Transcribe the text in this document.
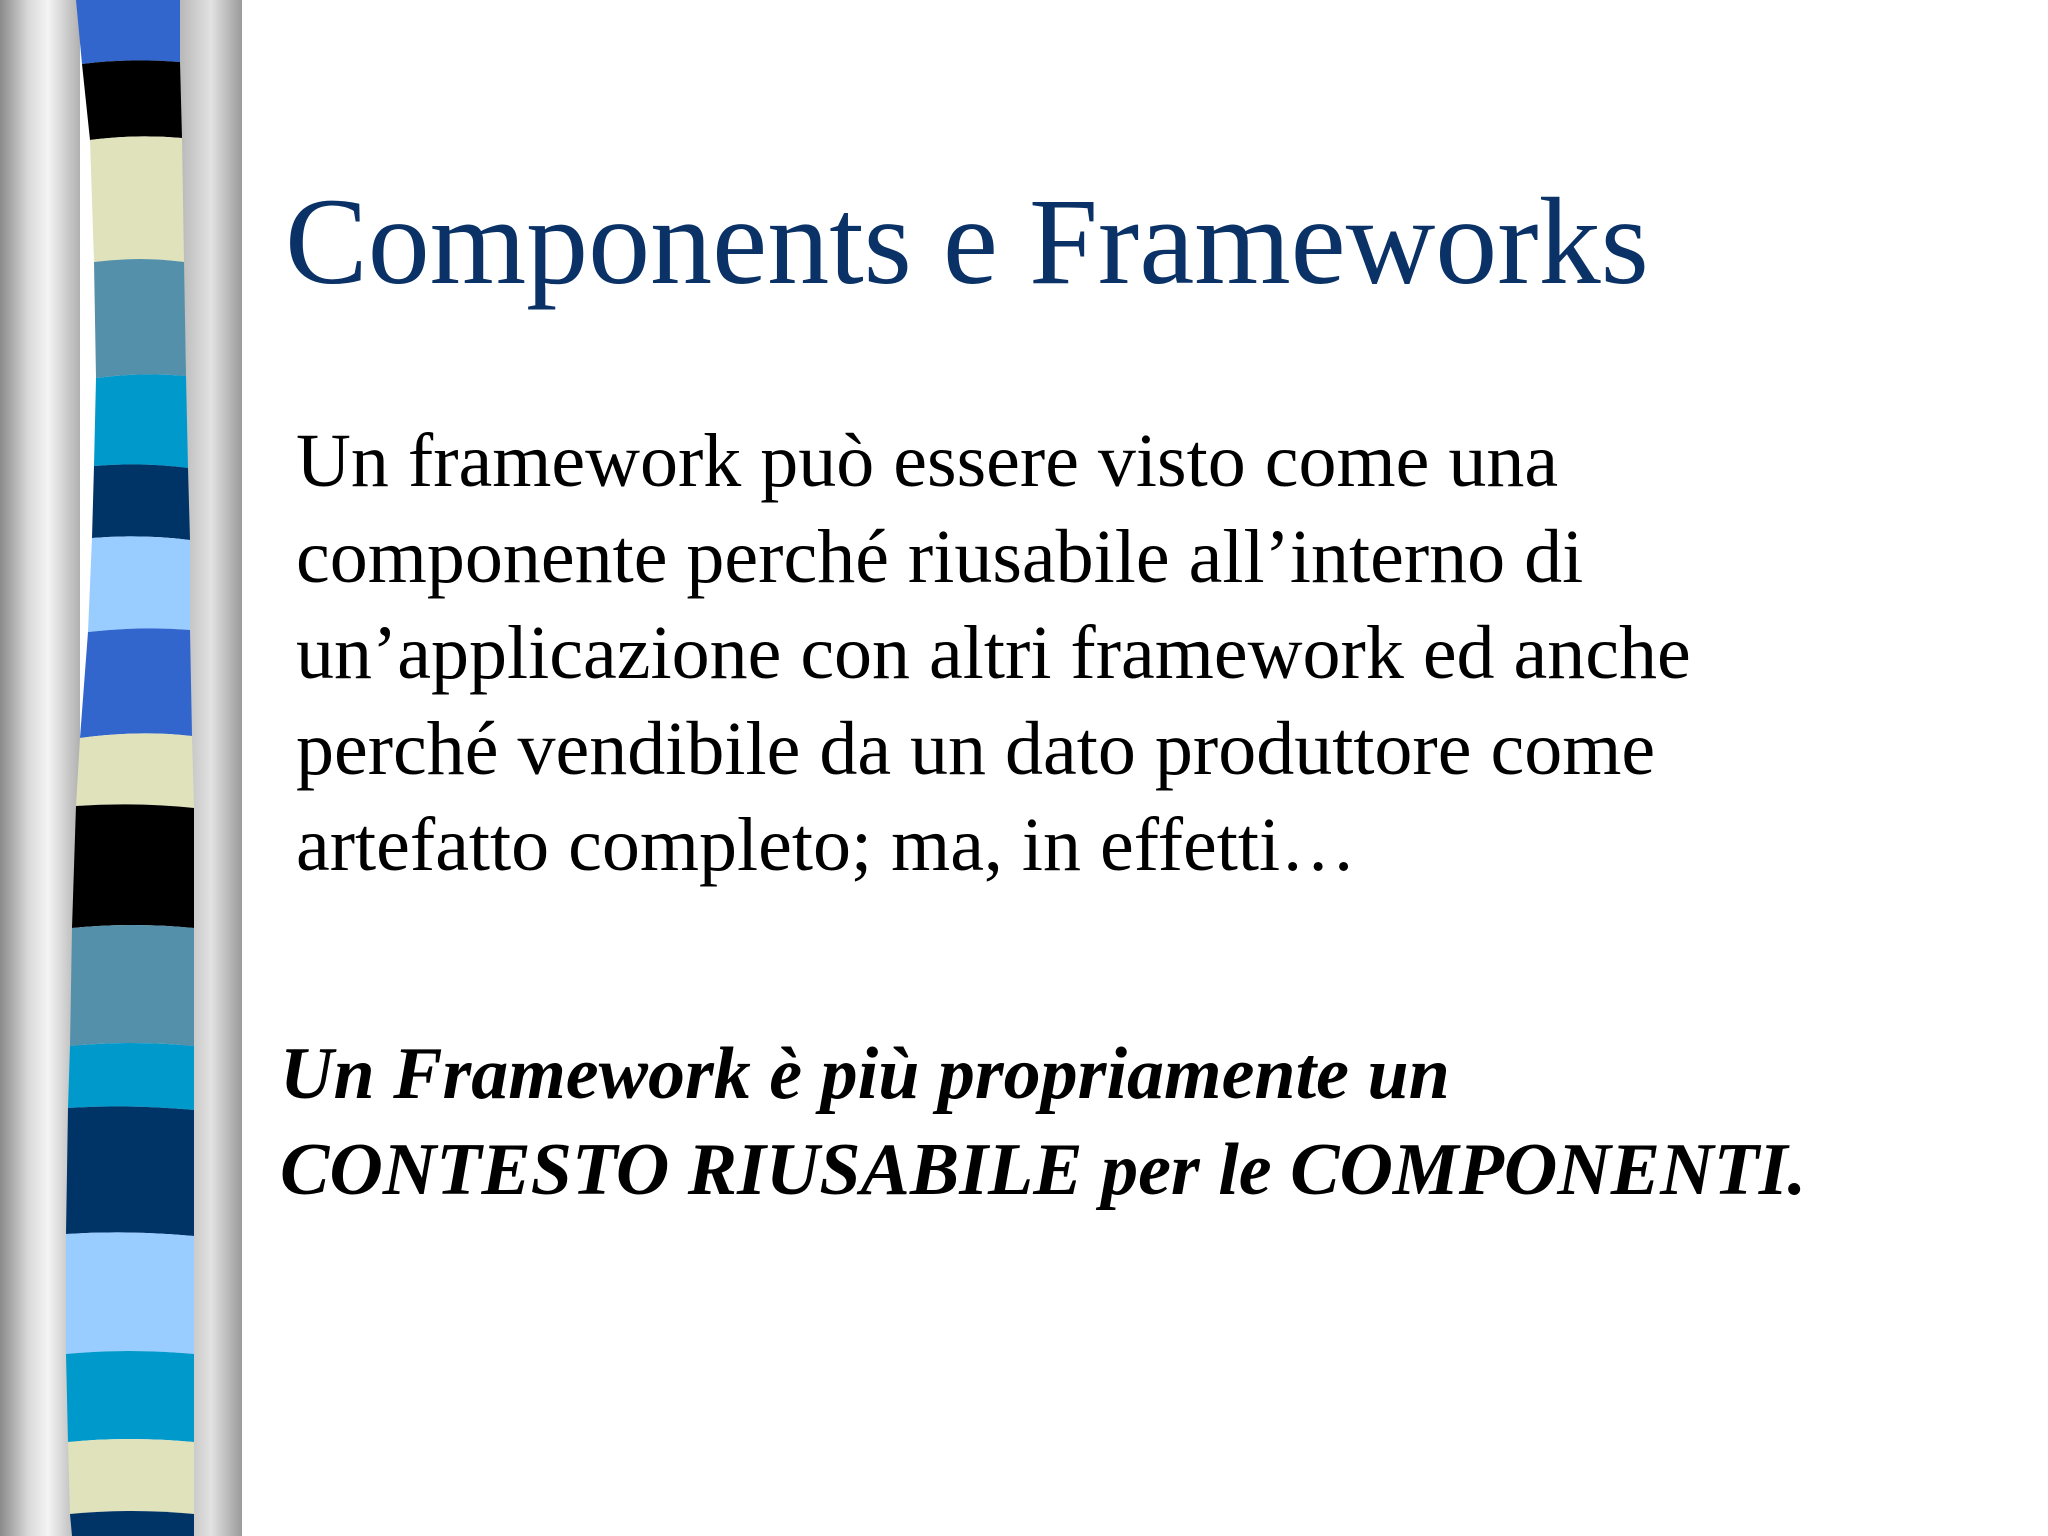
Components e Frameworks

Un framework può essere visto come una
componente perché riusabile all’interno di
un’applicazione con altri framework ed anche
perché vendibile da un dato produttore come
artefatto completo; ma, in effetti…

Un Framework è più propriamente un
CONTESTO RIUSABILE per le COMPONENTI.
